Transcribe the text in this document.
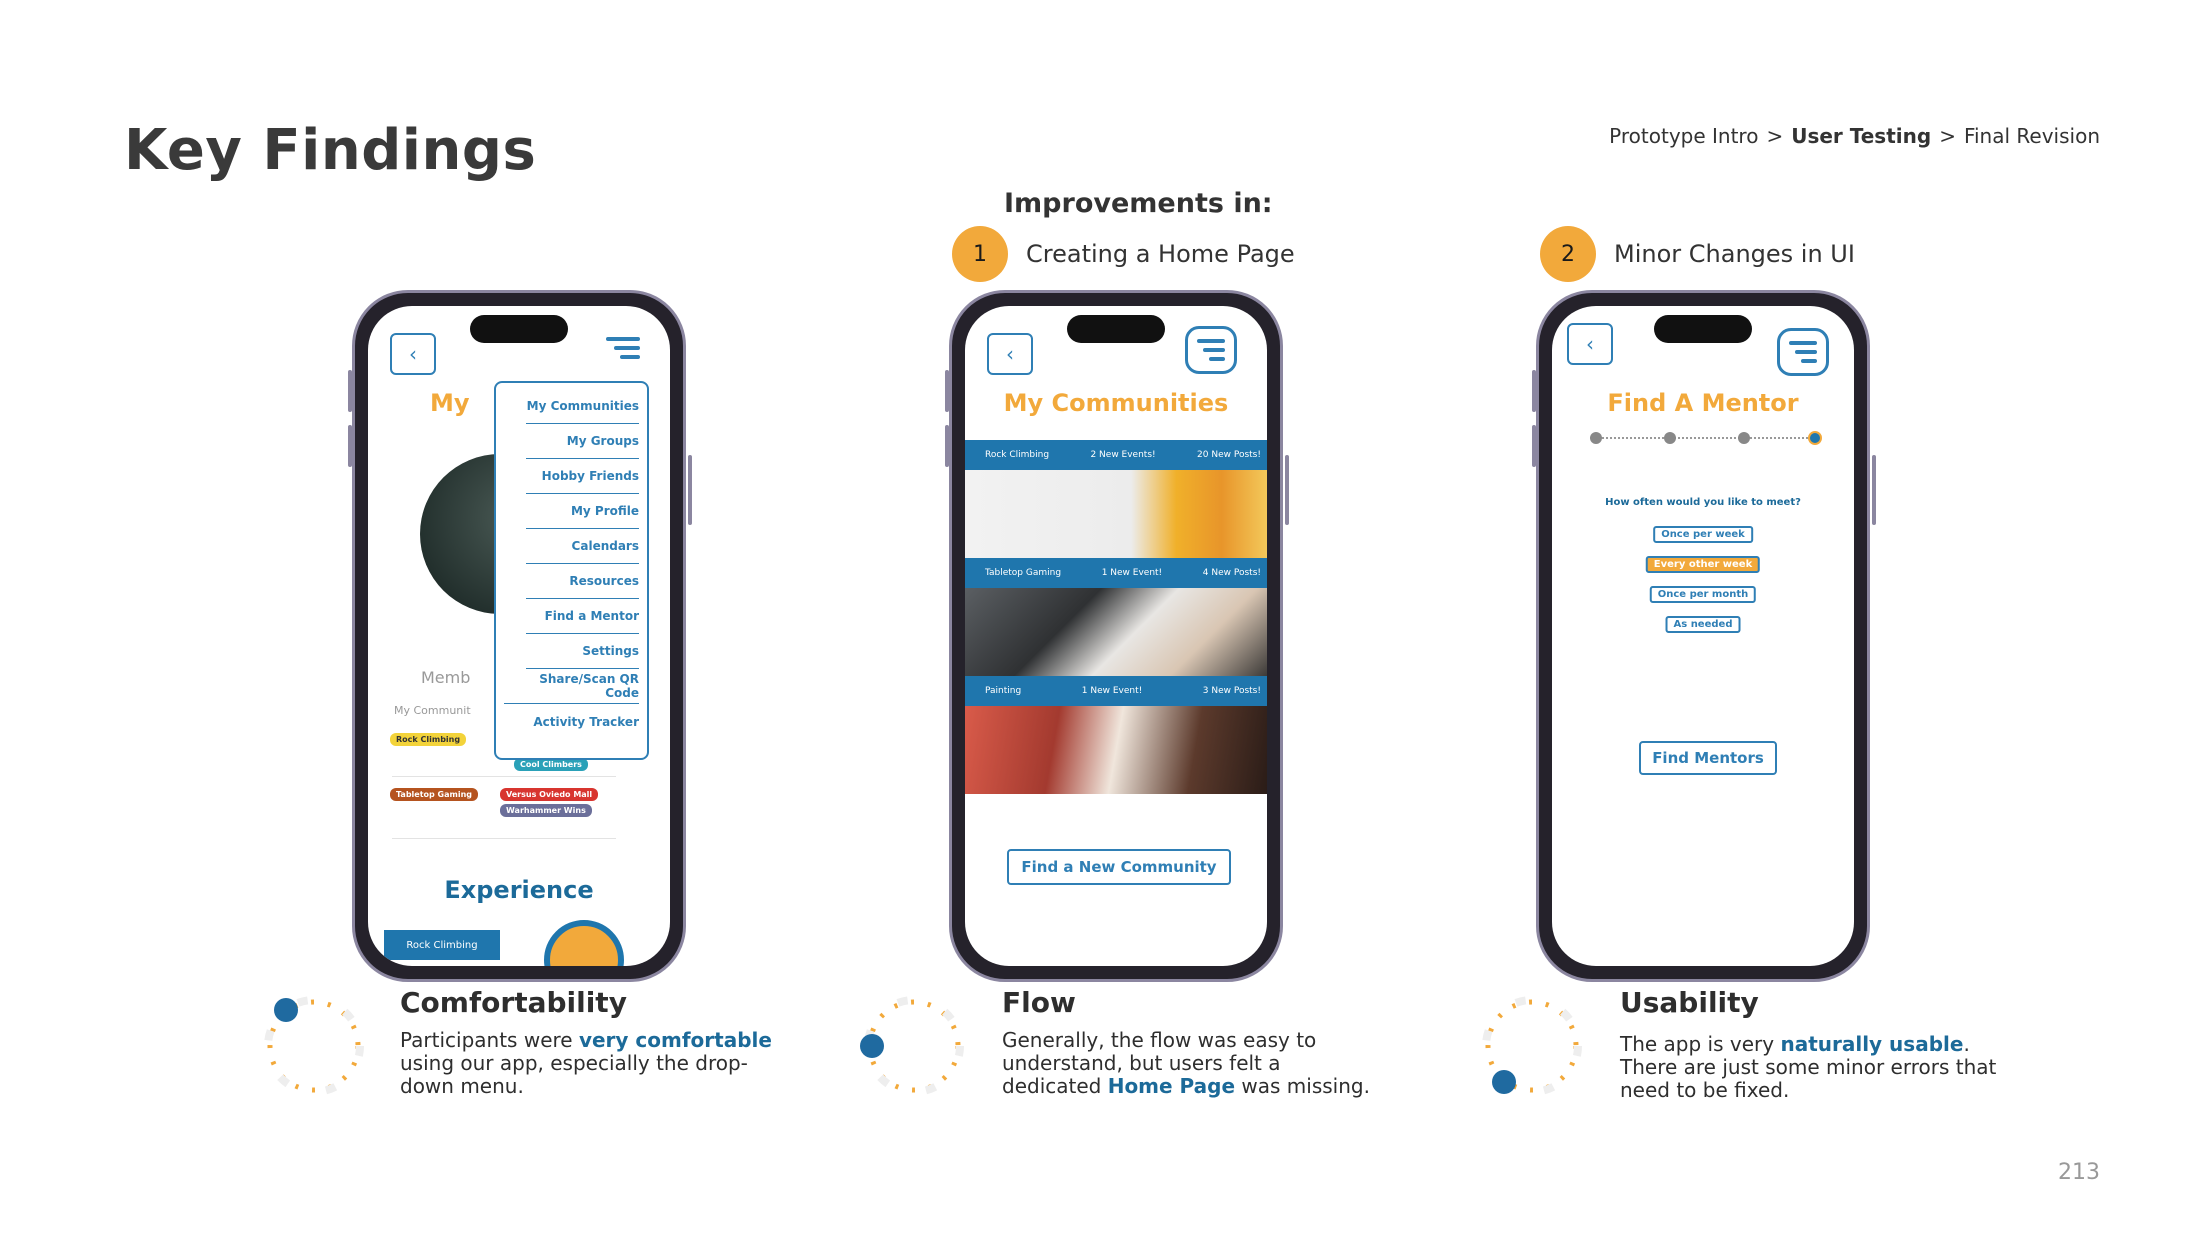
Key Findings	Prototype Intro > User Testing > Final Revision
Improvements in:
1	Creating a Home Page	2	Minor Changes in UI
‹
My
Memb
My Communit
Rock Climbing
Cool Climbers
Tabletop Gaming	Versus Oviedo Mall
Warhammer Wins
Experience
Rock Climbing
My Communities
My Groups
Hobby Friends
My Profile
Calendars
Resources
Find a Mentor
Settings
Share/Scan QR Code
Activity Tracker
‹
My Communities
Rock Climbing	2 New Events!	20 New Posts!
Tabletop Gaming	1 New Event!	4 New Posts!
Painting	1 New Event!	3 New Posts!
Find a New Community
‹
Find A Mentor
How often would you like to meet?
Once per week
Every other week
Once per month
As needed
Find Mentors
Comfortability
Participants were very comfortable using our app, especially the drop-down menu.
Flow
Generally, the flow was easy to understand, but users felt a dedicated Home Page was missing.
Usability
The app is very naturally usable. There are just some minor errors that need to be fixed.
213
